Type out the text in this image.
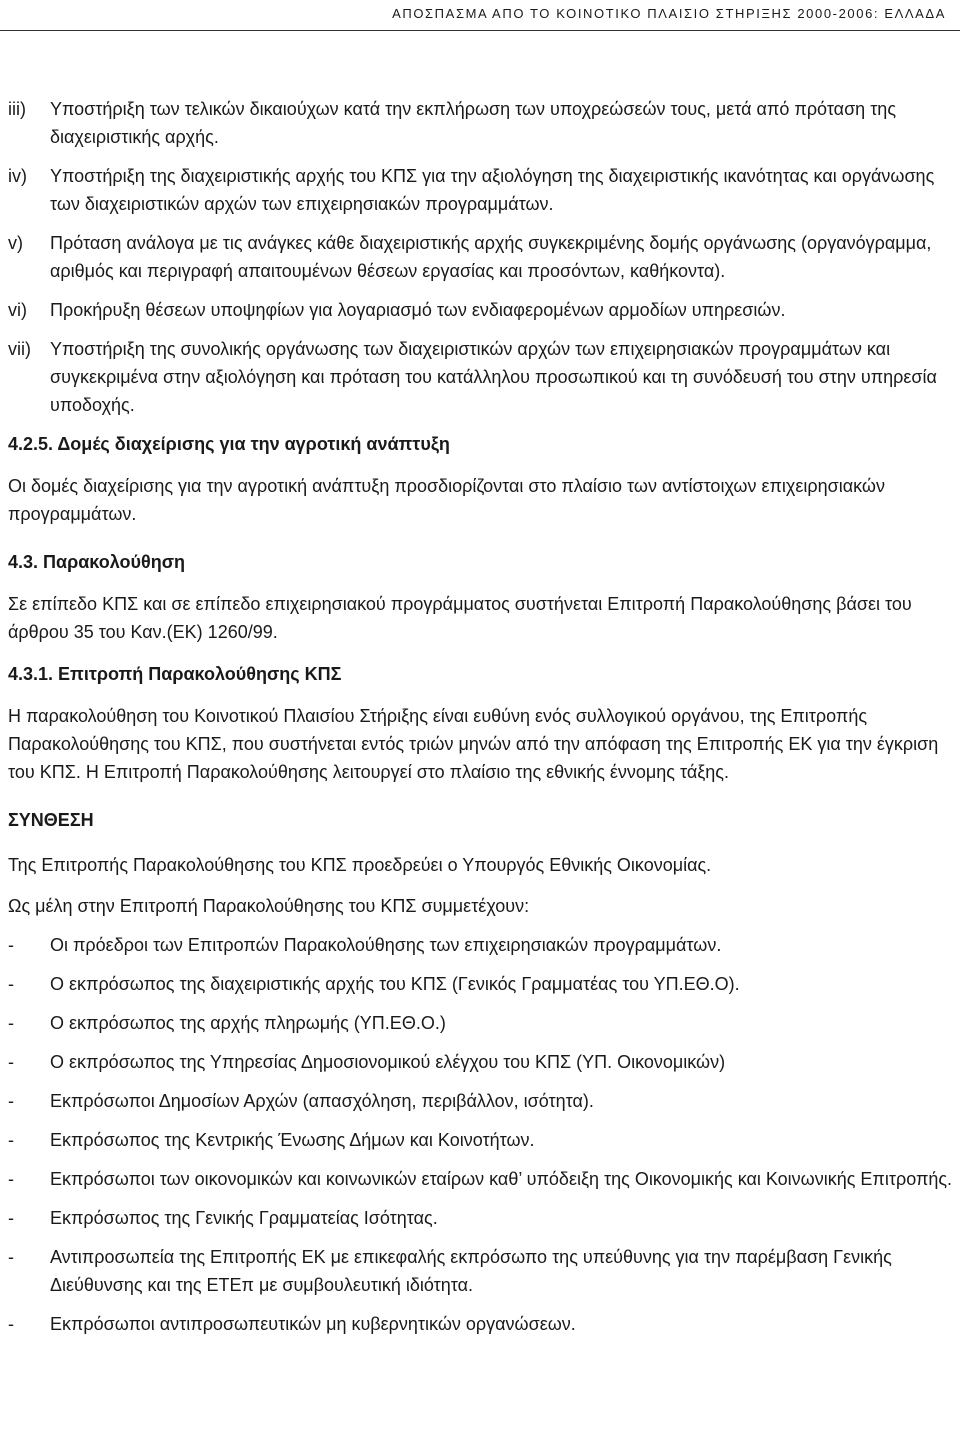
ΑΠΟΣΠΑΣΜΑ ΑΠΟ ΤΟ ΚΟΙΝΟΤΙΚΟ ΠΛΑΙΣΙΟ ΣΤΗΡΙΞΗΣ 2000-2006: ΕΛΛΑΔΑ
iii)	Υποστήριξη των τελικών δικαιούχων κατά την εκπλήρωση των υποχρεώσεών τους, μετά από πρόταση της διαχειριστικής αρχής.
iv)	Υποστήριξη της διαχειριστικής αρχής του ΚΠΣ για την αξιολόγηση της διαχειριστικής ικανότητας και οργάνωσης των διαχειριστικών αρχών των επιχειρησιακών προγραμμάτων.
v)	Πρόταση ανάλογα με τις ανάγκες κάθε διαχειριστικής αρχής συγκεκριμένης δομής οργάνωσης (οργανόγραμμα, αριθμός και περιγραφή απαιτουμένων θέσεων εργασίας και προσόντων, καθήκοντα).
vi)	Προκήρυξη θέσεων υποψηφίων για λογαριασμό των ενδιαφερομένων αρμοδίων υπηρεσιών.
vii)	Υποστήριξη της συνολικής οργάνωσης των διαχειριστικών αρχών των επιχειρησιακών προγραμμάτων και συγκεκριμένα στην αξιολόγηση και πρόταση του κατάλληλου προσωπικού και τη συνόδευσή του στην υπηρεσία υποδοχής.

4.2.5. Δομές διαχείρισης για την αγροτική ανάπτυξη

Οι δομές διαχείρισης για την αγροτική ανάπτυξη προσδιορίζονται στο πλαίσιο των αντίστοιχων επιχειρησιακών προγραμμάτων.

4.3. Παρακολούθηση

Σε επίπεδο ΚΠΣ και σε επίπεδο επιχειρησιακού προγράμματος συστήνεται Επιτροπή Παρακολούθησης βάσει του άρθρου 35 του Καν.(ΕΚ) 1260/99.

4.3.1. Επιτροπή Παρακολούθησης ΚΠΣ

Η παρακολούθηση του Κοινοτικού Πλαισίου Στήριξης είναι ευθύνη ενός συλλογικού οργάνου, της Επιτροπής Παρακολούθησης του ΚΠΣ, που συστήνεται εντός τριών μηνών από την απόφαση της Επιτροπής ΕΚ για την έγκριση του ΚΠΣ. Η Επιτροπή Παρακολούθησης λειτουργεί στο πλαίσιο της εθνικής έννομης τάξης.

ΣΥΝΘΕΣΗ

Της Επιτροπής Παρακολούθησης του ΚΠΣ προεδρεύει ο Υπουργός Εθνικής Οικονομίας.

Ως μέλη στην Επιτροπή Παρακολούθησης του ΚΠΣ συμμετέχουν:

-	Οι πρόεδροι των Επιτροπών Παρακολούθησης των επιχειρησιακών προγραμμάτων.
-	Ο εκπρόσωπος της διαχειριστικής αρχής του ΚΠΣ (Γενικός Γραμματέας του ΥΠ.ΕΘ.Ο).
-	Ο εκπρόσωπος της αρχής πληρωμής (ΥΠ.ΕΘ.Ο.)
-	Ο εκπρόσωπος της Υπηρεσίας Δημοσιονομικού ελέγχου του ΚΠΣ (ΥΠ. Οικονομικών)
-	Εκπρόσωποι Δημοσίων Αρχών (απασχόληση, περιβάλλον, ισότητα).
-	Εκπρόσωπος της Κεντρικής Ένωσης Δήμων και Κοινοτήτων.
-	Εκπρόσωποι των οικονομικών και κοινωνικών εταίρων καθ’ υπόδειξη της Οικονομικής και Κοινωνικής Επιτροπής.
-	Εκπρόσωπος της Γενικής Γραμματείας Ισότητας.
-	Αντιπροσωπεία της Επιτροπής ΕΚ με επικεφαλής εκπρόσωπο της υπεύθυνης για την παρέμβαση Γενικής Διεύθυνσης και της ΕΤΕπ με συμβουλευτική ιδιότητα.
-	Εκπρόσωποι αντιπροσωπευτικών μη κυβερνητικών οργανώσεων.
